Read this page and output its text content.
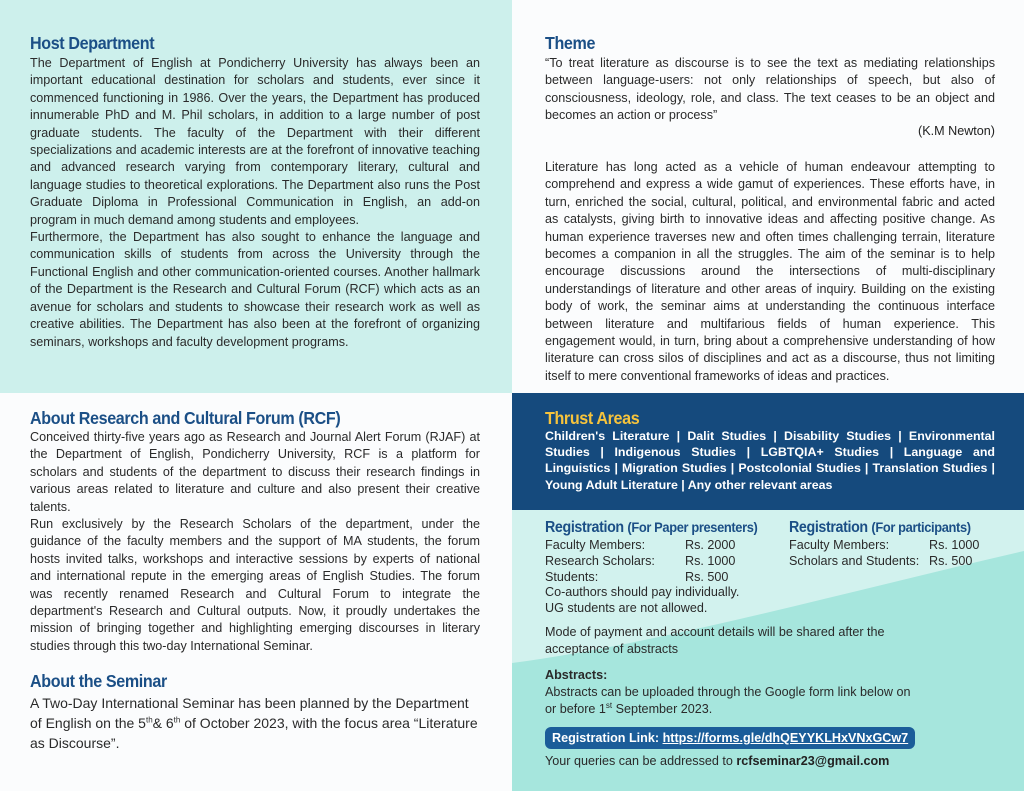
Host Department

The Department of English at Pondicherry University has always been an important educational destination for scholars and students, ever since it commenced functioning in 1986. Over the years, the Department has produced innumerable PhD and M. Phil scholars, in addition to a large number of post graduate students. The faculty of the Department with their different specializations and academic interests are at the forefront of innovative teaching and advanced research varying from contemporary literary, cultural and language studies to theoretical explorations. The Department also runs the Post Graduate Diploma in Professional Communication in English, an add-on program in much demand among students and employees.

Furthermore, the Department has also sought to enhance the language and communication skills of students from across the University through the Functional English and other communication-oriented courses. Another hallmark of the Department is the Research and Cultural Forum (RCF) which acts as an avenue for scholars and students to showcase their research work as well as creative abilities. The Department has also been at the forefront of organizing seminars, workshops and faculty development programs.

Theme
“To treat literature as discourse is to see the text as mediating relationships between language-users: not only relationships of speech, but also of consciousness, ideology, role, and class. The text ceases to be an object and becomes an action or process”
(K.M Newton)
Literature has long acted as a vehicle of human endeavour attempting to comprehend and express a wide gamut of experiences. These efforts have, in turn, enriched the social, cultural, political, and environmental fabric and acted as catalysts, giving birth to innovative ideas and affecting positive change. As human experience traverses new and often times challenging terrain, literature becomes a companion in all the struggles. The aim of the seminar is to help encourage discussions around the intersections of multi-disciplinary understandings of literature and other areas of inquiry. Building on the existing body of work, the seminar aims at understanding the continuous interface between literature and multifarious fields of human experience. This engagement would, in turn, bring about a comprehensive understanding of how literature can cross silos of disciplines and act as a discourse, thus not limiting itself to mere conventional frameworks of ideas and practices.
About Research and Cultural Forum (RCF)

Conceived thirty-five years ago as Research and Journal Alert Forum (RJAF) at the Department of English, Pondicherry University, RCF is a platform for scholars and students of the department to discuss their research findings in various areas related to literature and culture and also present their creative talents.

Run exclusively by the Research Scholars of the department, under the guidance of the faculty members and the support of MA students, the forum hosts invited talks, workshops and interactive sessions by experts of national and international repute in the emerging areas of English Studies. The forum was recently renamed Research and Cultural Forum to integrate the department's Research and Cultural outputs. Now, it proudly undertakes the mission of bringing together and highlighting emerging discourses in literary studies through this two-day International Seminar.

About the Seminar
A Two-Day International Seminar has been planned by the Department of English on the 5th& 6th of October 2023, with the focus area “Literature as Discourse”.
Thrust Areas
Children's Literature | Dalit Studies | Disability Studies | Environmental Studies | Indigenous Studies | LGBTQIA+ Studies | Language and Linguistics | Migration Studies | Postcolonial Studies | Translation Studies | Young Adult Literature | Any other relevant areas
Registration (For Paper presenters)
Faculty Members:	Rs. 2000
Research Scholars:	Rs. 1000
Students:	Rs. 500
Co-authors should pay individually.
UG students are not allowed.
Registration (For participants)
Faculty Members:	Rs. 1000
Scholars and Students: Rs. 500
Mode of payment and account details will be shared after the acceptance of abstracts
Abstracts:
Abstracts can be uploaded through the Google form link below on or before 1st September 2023.
Registration Link: https://forms.gle/dhQEYYKLHxVNxGCw7
Your queries can be addressed to rcfseminar23@gmail.com
